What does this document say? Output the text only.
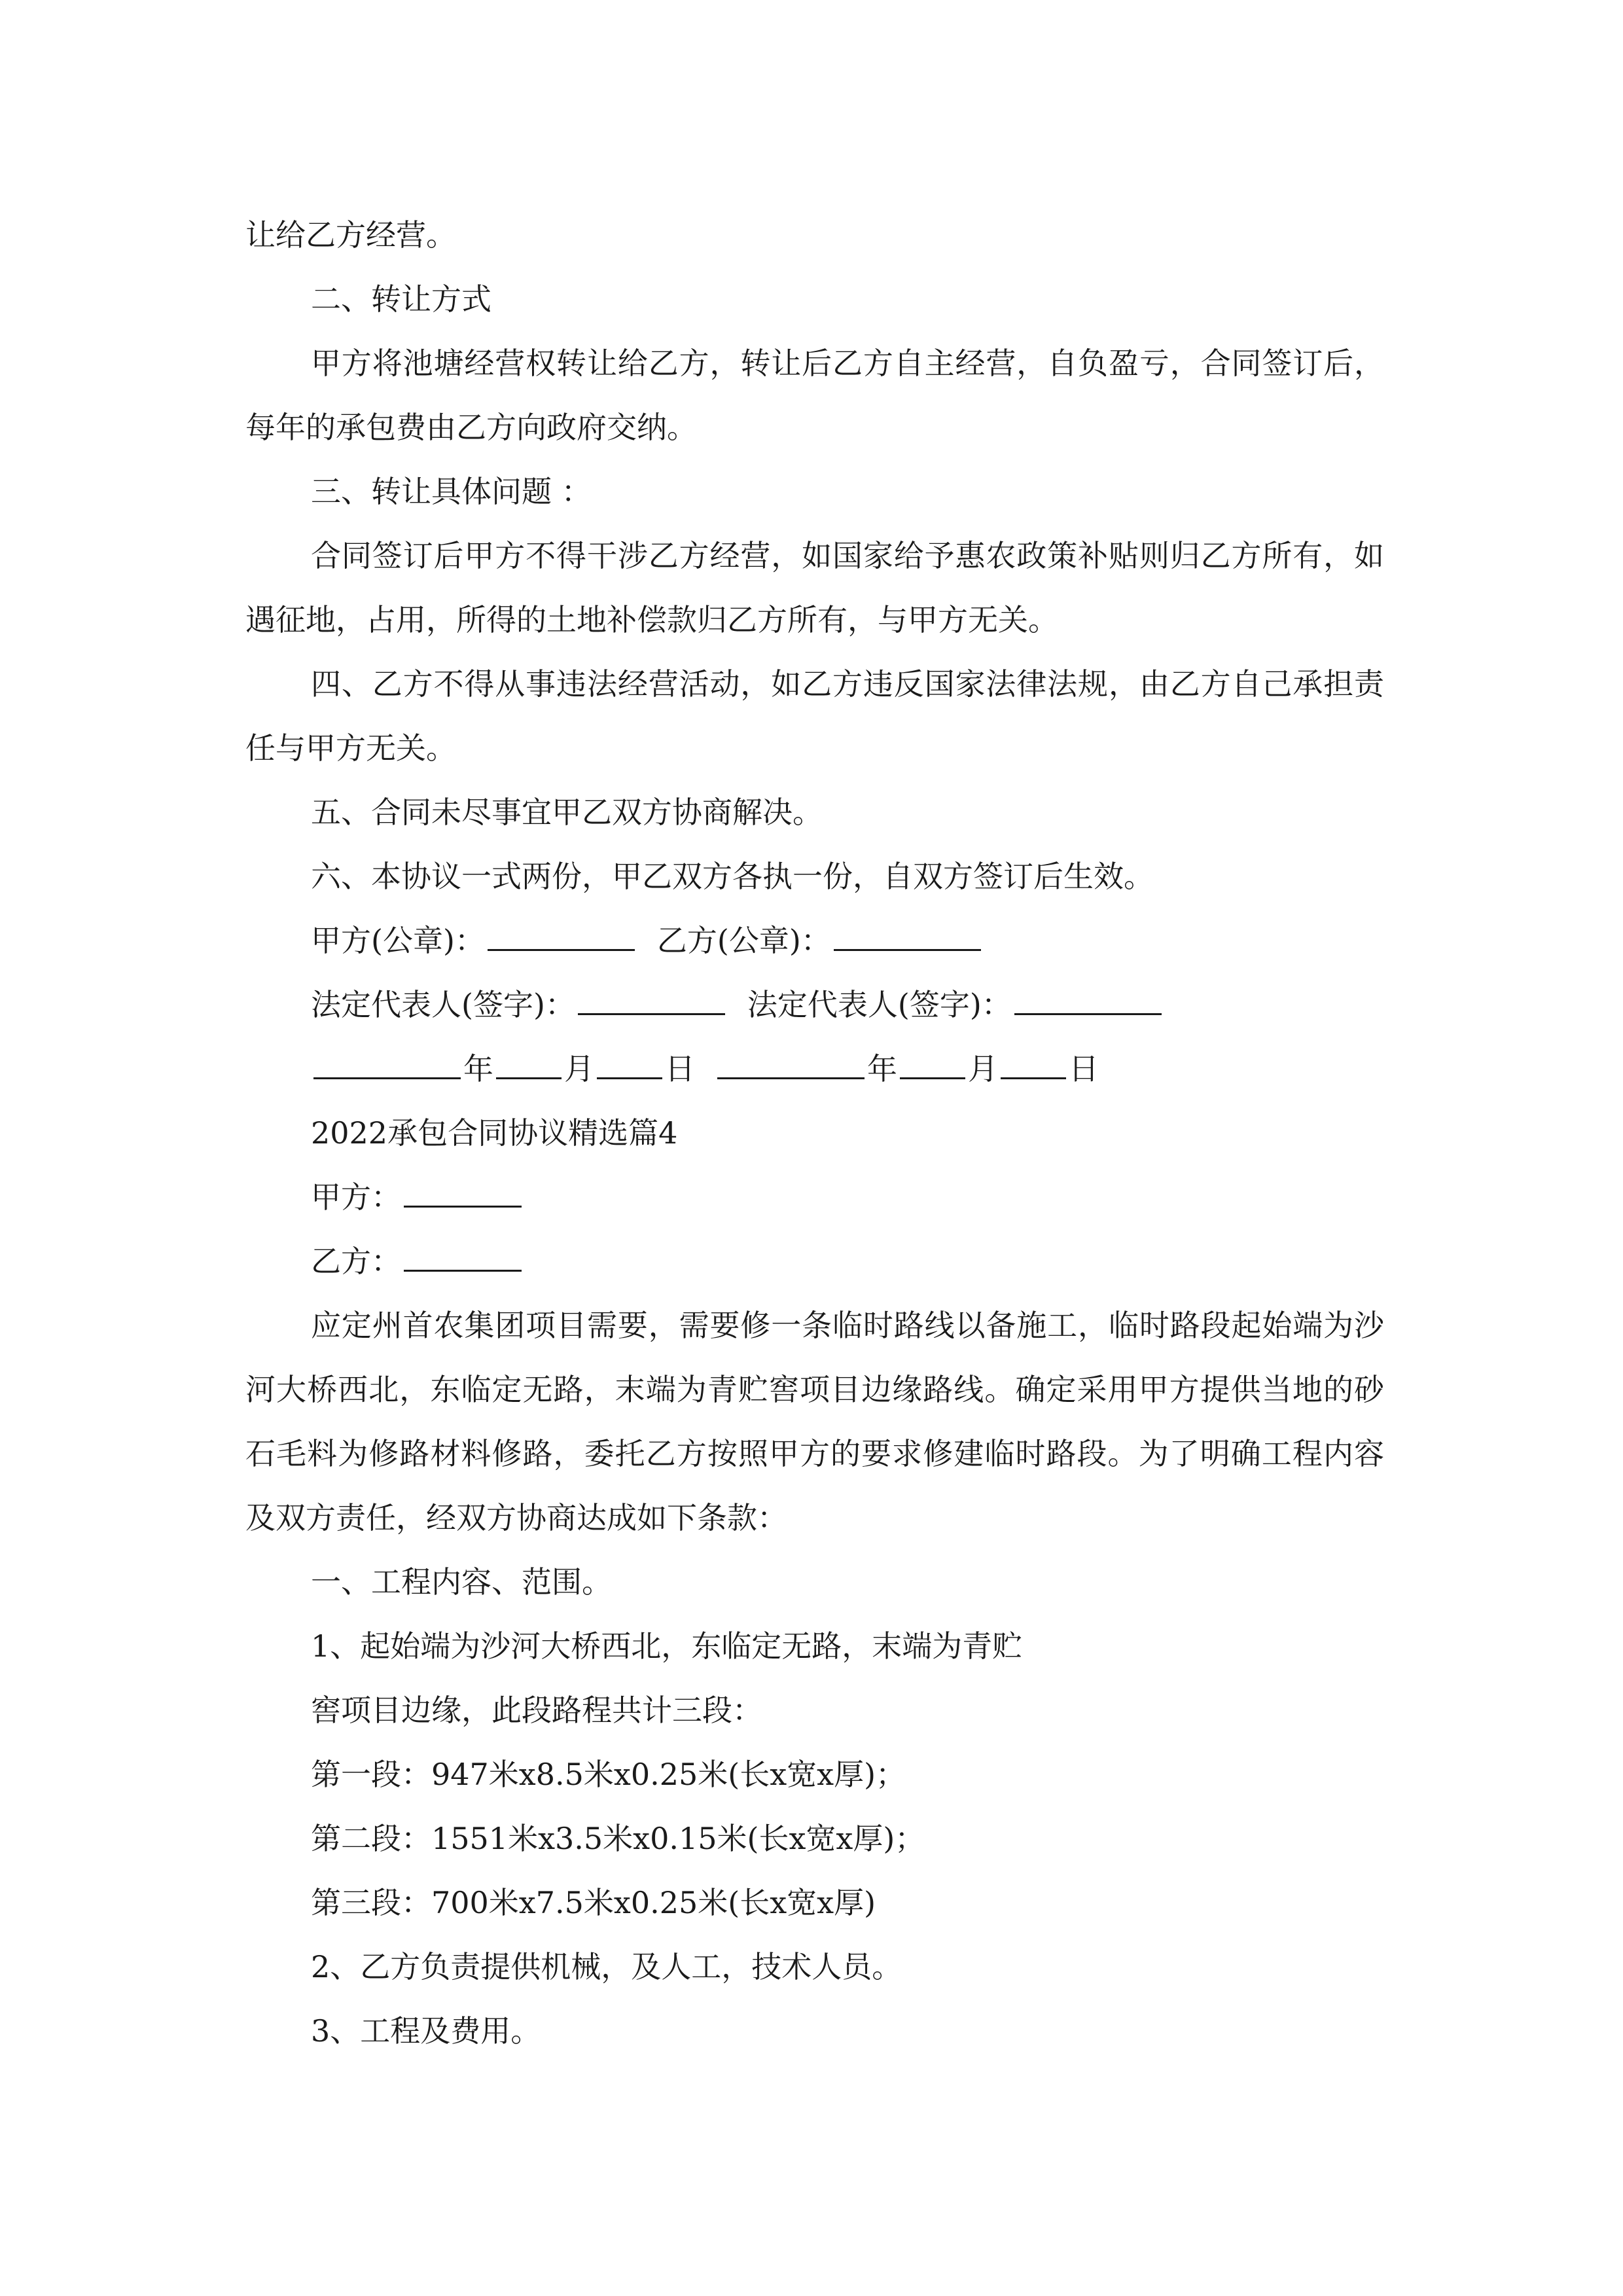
让给乙方经营。

二、转让方式

甲方将池塘经营权转让给乙方，转让后乙方自主经营，自负盈亏，合同签订后，每年的承包费由乙方向政府交纳。

三、转让具体问题 ：

合同签订后甲方不得干涉乙方经营，如国家给予惠农政策补贴则归乙方所有，如遇征地，占用，所得的土地补偿款归乙方所有，与甲方无关。

四、乙方不得从事违法经营活动，如乙方违反国家法律法规，由乙方自己承担责任与甲方无关。

五、合同未尽事宜甲乙双方协商解决。

六、本协议一式两份，甲乙双方各执一份，自双方签订后生效。

甲方(公章)：	乙方(公章)：

法定代表人(签字)：	法定代表人(签字)：

年 月 日	年 月 日

2022承包合同协议精选篇4

甲方：

乙方：

应定州首农集团项目需要，需要修一条临时路线以备施工，临时路段起始端为沙河大桥西北，东临定无路，末端为青贮窖项目边缘路线。确定采用甲方提供当地的砂石毛料为修路材料修路，委托乙方按照甲方的要求修建临时路段。为了明确工程内容及双方责任，经双方协商达成如下条款：

一、工程内容、范围。

1、起始端为沙河大桥西北，东临定无路，末端为青贮

窖项目边缘，此段路程共计三段：

第一段：947米x8.5米x0.25米(长x宽x厚)；

第二段：1551米x3.5米x0.15米(长x宽x厚)；

第三段：700米x7.5米x0.25米(长x宽x厚)

2、乙方负责提供机械，及人工，技术人员。

3、工程及费用。
